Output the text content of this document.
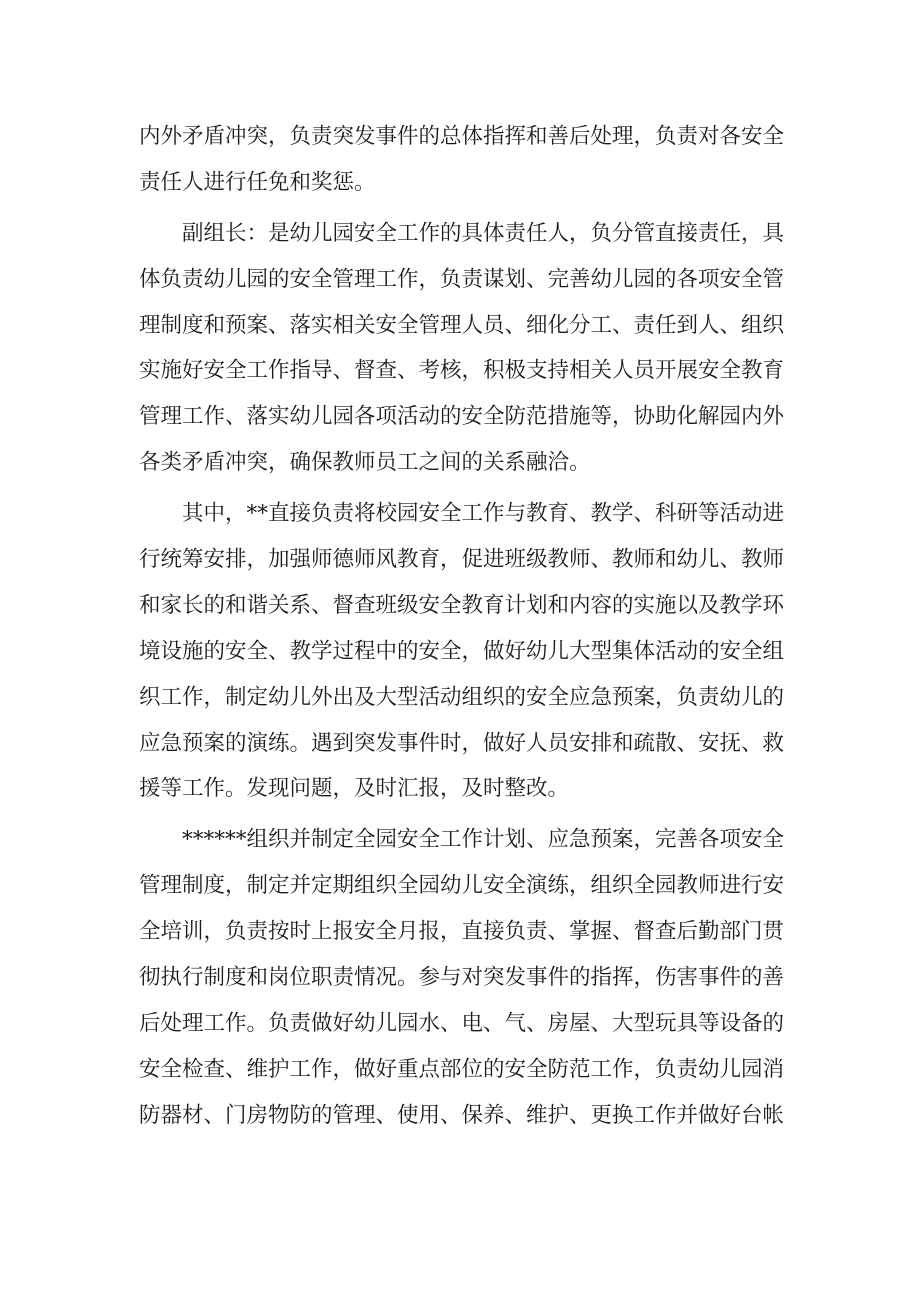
内外矛盾冲突，负责突发事件的总体指挥和善后处理，负责对各安全
责任人进行任免和奖惩。
副组长：是幼儿园安全工作的具体责任人，负分管直接责任，具
体负责幼儿园的安全管理工作，负责谋划、完善幼儿园的各项安全管
理制度和预案、落实相关安全管理人员、细化分工、责任到人、组织
实施好安全工作指导、督查、考核，积极支持相关人员开展安全教育
管理工作、落实幼儿园各项活动的安全防范措施等，协助化解园内外
各类矛盾冲突，确保教师员工之间的关系融洽。
其中，**直接负责将校园安全工作与教育、教学、科研等活动进
行统筹安排，加强师德师风教育，促进班级教师、教师和幼儿、教师
和家长的和谐关系、督查班级安全教育计划和内容的实施以及教学环
境设施的安全、教学过程中的安全，做好幼儿大型集体活动的安全组
织工作，制定幼儿外出及大型活动组织的安全应急预案，负责幼儿的
应急预案的演练。遇到突发事件时，做好人员安排和疏散、安抚、救
援等工作。发现问题，及时汇报，及时整改。
******组织并制定全园安全工作计划、应急预案，完善各项安全
管理制度，制定并定期组织全园幼儿安全演练，组织全园教师进行安
全培训，负责按时上报安全月报，直接负责、掌握、督查后勤部门贯
彻执行制度和岗位职责情况。参与对突发事件的指挥，伤害事件的善
后处理工作。负责做好幼儿园水、电、气、房屋、大型玩具等设备的
安全检查、维护工作，做好重点部位的安全防范工作，负责幼儿园消
防器材、门房物防的管理、使用、保养、维护、更换工作并做好台帐
